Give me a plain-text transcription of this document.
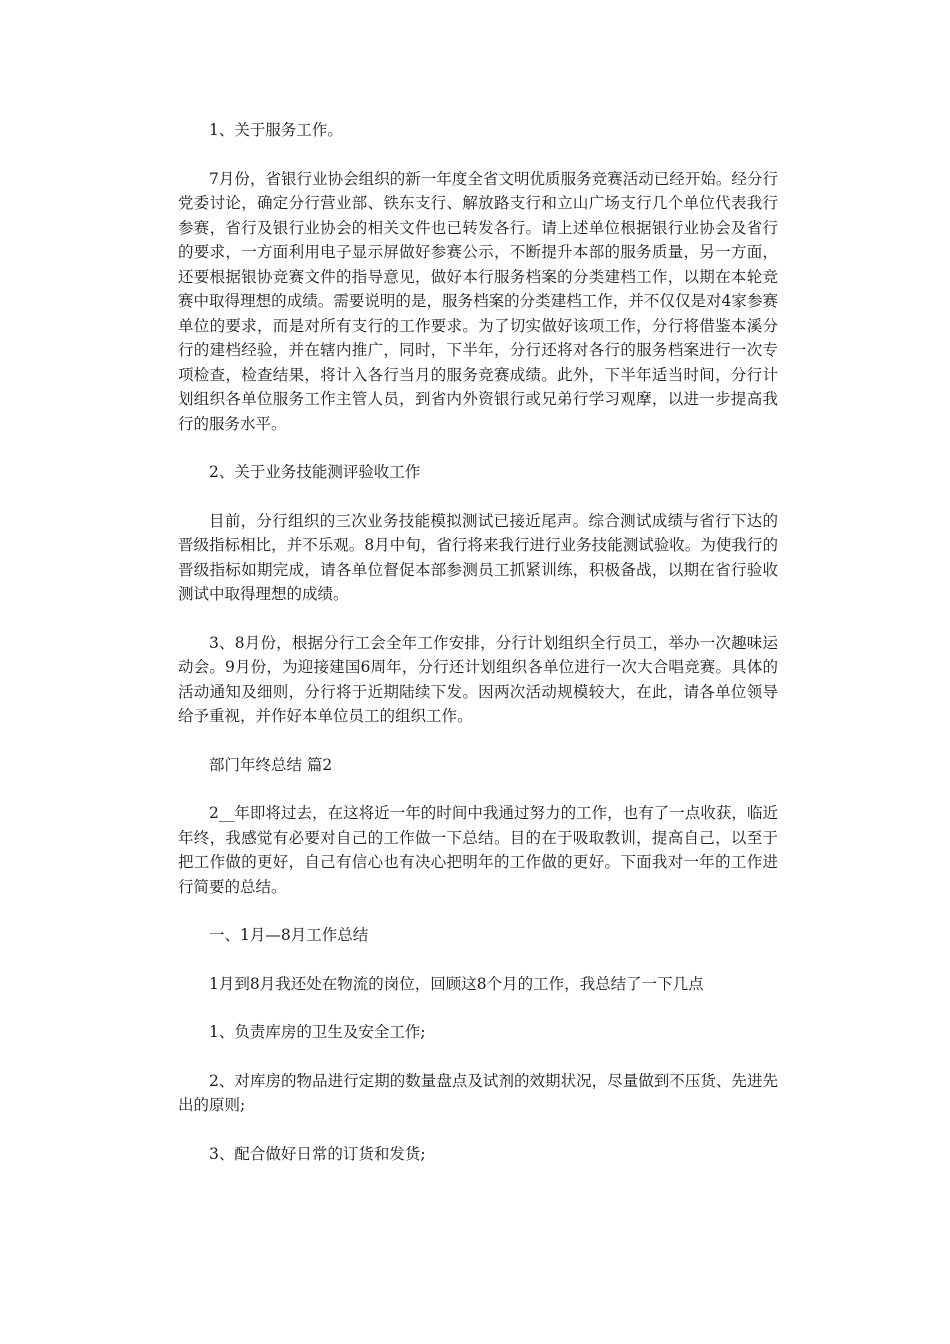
1、关于服务工作。

7月份，省银行业协会组织的新一年度全省文明优质服务竞赛活动已经开始。经分行党委讨论，确定分行营业部、铁东支行、解放路支行和立山广场支行几个单位代表我行参赛，省行及银行业协会的相关文件也已转发各行。请上述单位根据银行业协会及省行的要求，一方面利用电子显示屏做好参赛公示，不断提升本部的服务质量，另一方面，还要根据银协竞赛文件的指导意见，做好本行服务档案的分类建档工作，以期在本轮竞赛中取得理想的成绩。需要说明的是，服务档案的分类建档工作，并不仅仅是对4家参赛单位的要求，而是对所有支行的工作要求。为了切实做好该项工作，分行将借鉴本溪分行的建档经验，并在辖内推广，同时，下半年，分行还将对各行的服务档案进行一次专项检查，检查结果，将计入各行当月的服务竞赛成绩。此外，下半年适当时间，分行计划组织各单位服务工作主管人员，到省内外资银行或兄弟行学习观摩，以进一步提高我行的服务水平。

2、关于业务技能测评验收工作

目前，分行组织的三次业务技能模拟测试已接近尾声。综合测试成绩与省行下达的晋级指标相比，并不乐观。8月中旬，省行将来我行进行业务技能测试验收。为使我行的晋级指标如期完成，请各单位督促本部参测员工抓紧训练，积极备战，以期在省行验收测试中取得理想的成绩。

3、8月份，根据分行工会全年工作安排，分行计划组织全行员工，举办一次趣味运动会。9月份，为迎接建国6周年，分行还计划组织各单位进行一次大合唱竞赛。具体的活动通知及细则，分行将于近期陆续下发。因两次活动规模较大，在此，请各单位领导给予重视，并作好本单位员工的组织工作。

部门年终总结 篇2

2__年即将过去，在这将近一年的时间中我通过努力的工作，也有了一点收获，临近年终，我感觉有必要对自己的工作做一下总结。目的在于吸取教训，提高自己，以至于把工作做的更好，自己有信心也有决心把明年的工作做的更好。下面我对一年的工作进行简要的总结。

一、1月—8月工作总结

1月到8月我还处在物流的岗位，回顾这8个月的工作，我总结了一下几点

1、负责库房的卫生及安全工作;

2、对库房的物品进行定期的数量盘点及试剂的效期状况，尽量做到不压货、先进先出的原则;

3、配合做好日常的订货和发货;
